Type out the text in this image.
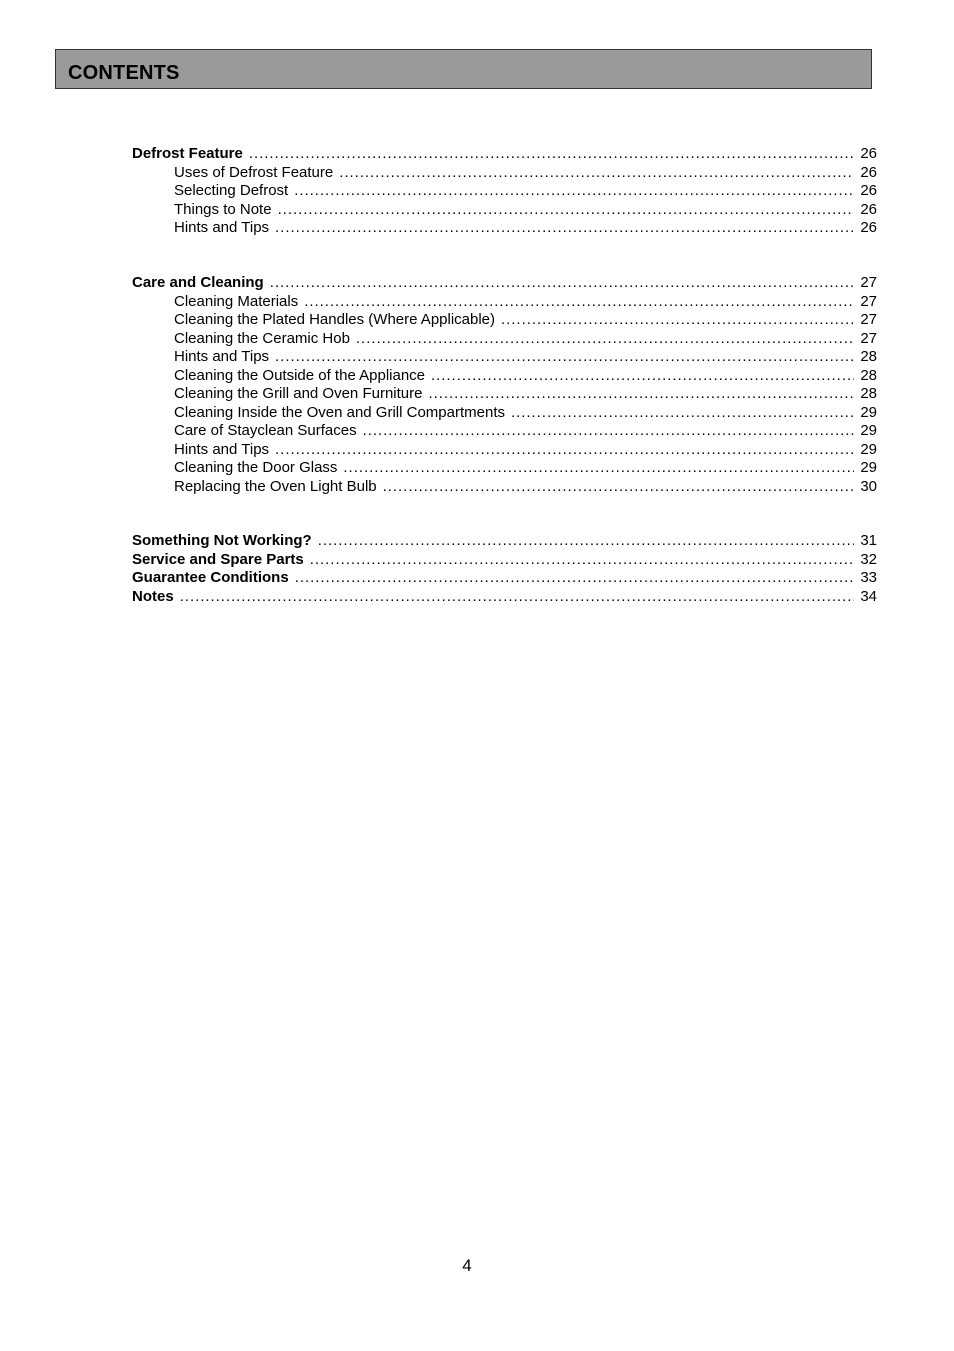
CONTENTS
Defrost Feature . . .	26
Uses of Defrost Feature . . .	26
Selecting Defrost . . .	26
Things to Note . . .	26
Hints and Tips . . .	26
Care and Cleaning . . .	27
Cleaning Materials . . .	27
Cleaning the Plated Handles (Where Applicable) . . .	27
Cleaning the Ceramic Hob . . .	27
Hints and Tips . . .	28
Cleaning the Outside of the Appliance . . .	28
Cleaning the Grill and Oven Furniture . . .	28
Cleaning Inside the Oven and Grill Compartments . . .	29
Care of Stayclean Surfaces . . .	29
Hints and Tips . . .	29
Cleaning the Door Glass . . .	29
Replacing the Oven Light Bulb . . .	30
Something Not Working? . . .	31
Service and Spare Parts . . .	32
Guarantee Conditions . . .	33
Notes . . .	34
4
